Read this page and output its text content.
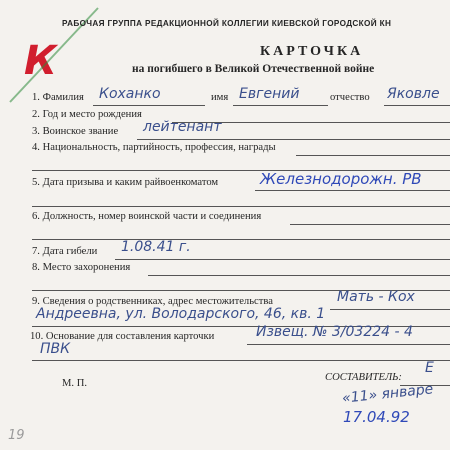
К
РАБОЧАЯ ГРУППА РЕДАКЦИОННОЙ КОЛЛЕГИИ КИЕВСКОЙ ГОРОДСКОЙ КН
КАРТОЧКА
на погибшего в Великой Отечественной войне
1. Фамилия Коханко	имя Евгений	отчество Яковле
2. Год и место рождения
3. Воинское звание лейтенант
4. Национальность, партийность, профессия, награды
5. Дата призыва и каким райвоенкоматом	Железнодорожн. РВ
6. Должность, номер воинской части и соединения
7. Дата гибели 1.08.41 г.
8. Место захоронения
9. Сведения о родственниках, адрес местожительства	Мать - Кох
Андреевна, ул. Володарского, 46, кв. 1
10. Основание для составления карточки	Извещ. № 3/03224 - 4
ПВК
М. П.
СОСТАВИТЕЛЬ:
Е
«11» январе
17.04.92
19
